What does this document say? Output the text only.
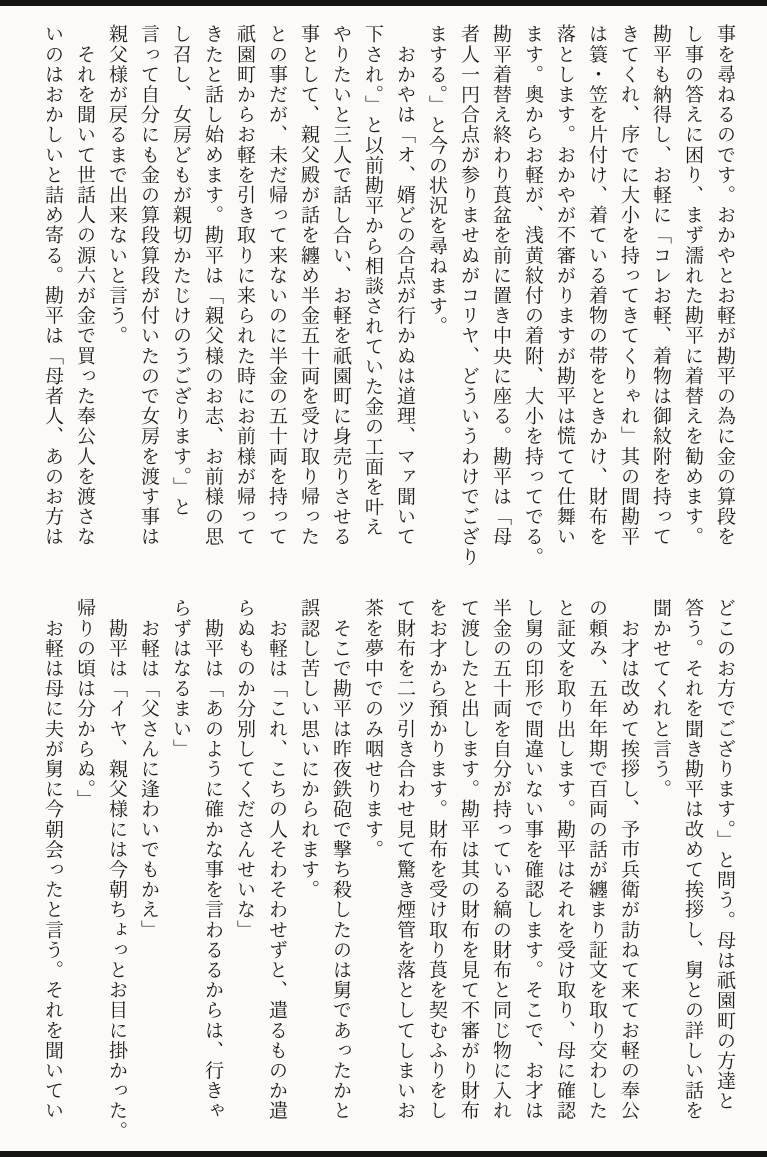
事を尋ねるのです。おかやとお軽が勘平の為に金の算段を
し事の答えに困り、まず濡れた勘平に着替えを勧めます。
勘平も納得し、お軽に「コレお軽、着物は御紋附を持って
きてくれ、序でに大小を持ってきてくりゃれ」其の間勘平
は簑・笠を片付け、着ている着物の帯をときかけ、財布を
落とします。おかやが不審がりますが勘平は慌てて仕舞い
ます。奥からお軽が、浅黄紋付の着附、大小を持ってでる。
勘平着替え終わり莨盆を前に置き中央に座る。勘平は「母
者人一円合点が参りませぬがコリヤ、どういうわけでござり
まする。」と今の状況を尋ねます。
　おかやは「オ、婿どの合点が行かぬは道理、マァ聞いて
下され。」と以前勘平から相談されていた金の工面を叶え
やりたいと三人で話し合い、お軽を祇園町に身売りさせる
事として、親父殿が話を纏め半金五十両を受け取り帰った
との事だが、未だ帰って来ないのに半金の五十両を持って
祇園町からお軽を引き取りに来られた時にお前様が帰って
きたと話し始めます。勘平は「親父様のお志、お前様の思
し召し、女房どもが親切かたじけのうござります。」と
言って自分にも金の算段算段が付いたので女房を渡す事は
親父様が戻るまで出来ないと言う。
　それを聞いて世話人の源六が金で買った奉公人を渡さな
いのはおかしいと詰め寄る。勘平は「母者人、あのお方は
どこのお方でござります。」と問う。母は祇園町の方達と
答う。それを聞き勘平は改めて挨拶し、舅との詳しい話を
聞かせてくれと言う。
　お才は改めて挨拶し、予市兵衛が訪ねて来てお軽の奉公
の頼み、五年年期で百両の話が纏まり証文を取り交わした
と証文を取り出します。勘平はそれを受け取り、母に確認
し舅の印形で間違いない事を確認します。そこで、お才は
半金の五十両を自分が持っている縞の財布と同じ物に入れ
て渡したと出します。勘平は其の財布を見て不審がり財布
をお才から預かります。財布を受け取り莨を契むふりをし
て財布を二ツ引き合わせ見て驚き煙管を落としてしまいお
茶を夢中でのみ咽せります。
　そこで勘平は昨夜鉄砲で撃ち殺したのは舅であったかと
誤認し苦しい思いにかられます。
　お軽は「これ、こちの人そわそわせずと、遣るものか遣
らぬものか分別してくださんせいな」
　勘平は「あのように確かな事を言わるるからは、行きゃ
らずはなるまい」
　お軽は「父さんに逢わいでもかえ」
　勘平は「イヤ、親父様には今朝ちょっとお目に掛かった。
帰りの頃は分からぬ。」
　お軽は母に夫が舅に今朝会ったと言う。それを聞いてい
